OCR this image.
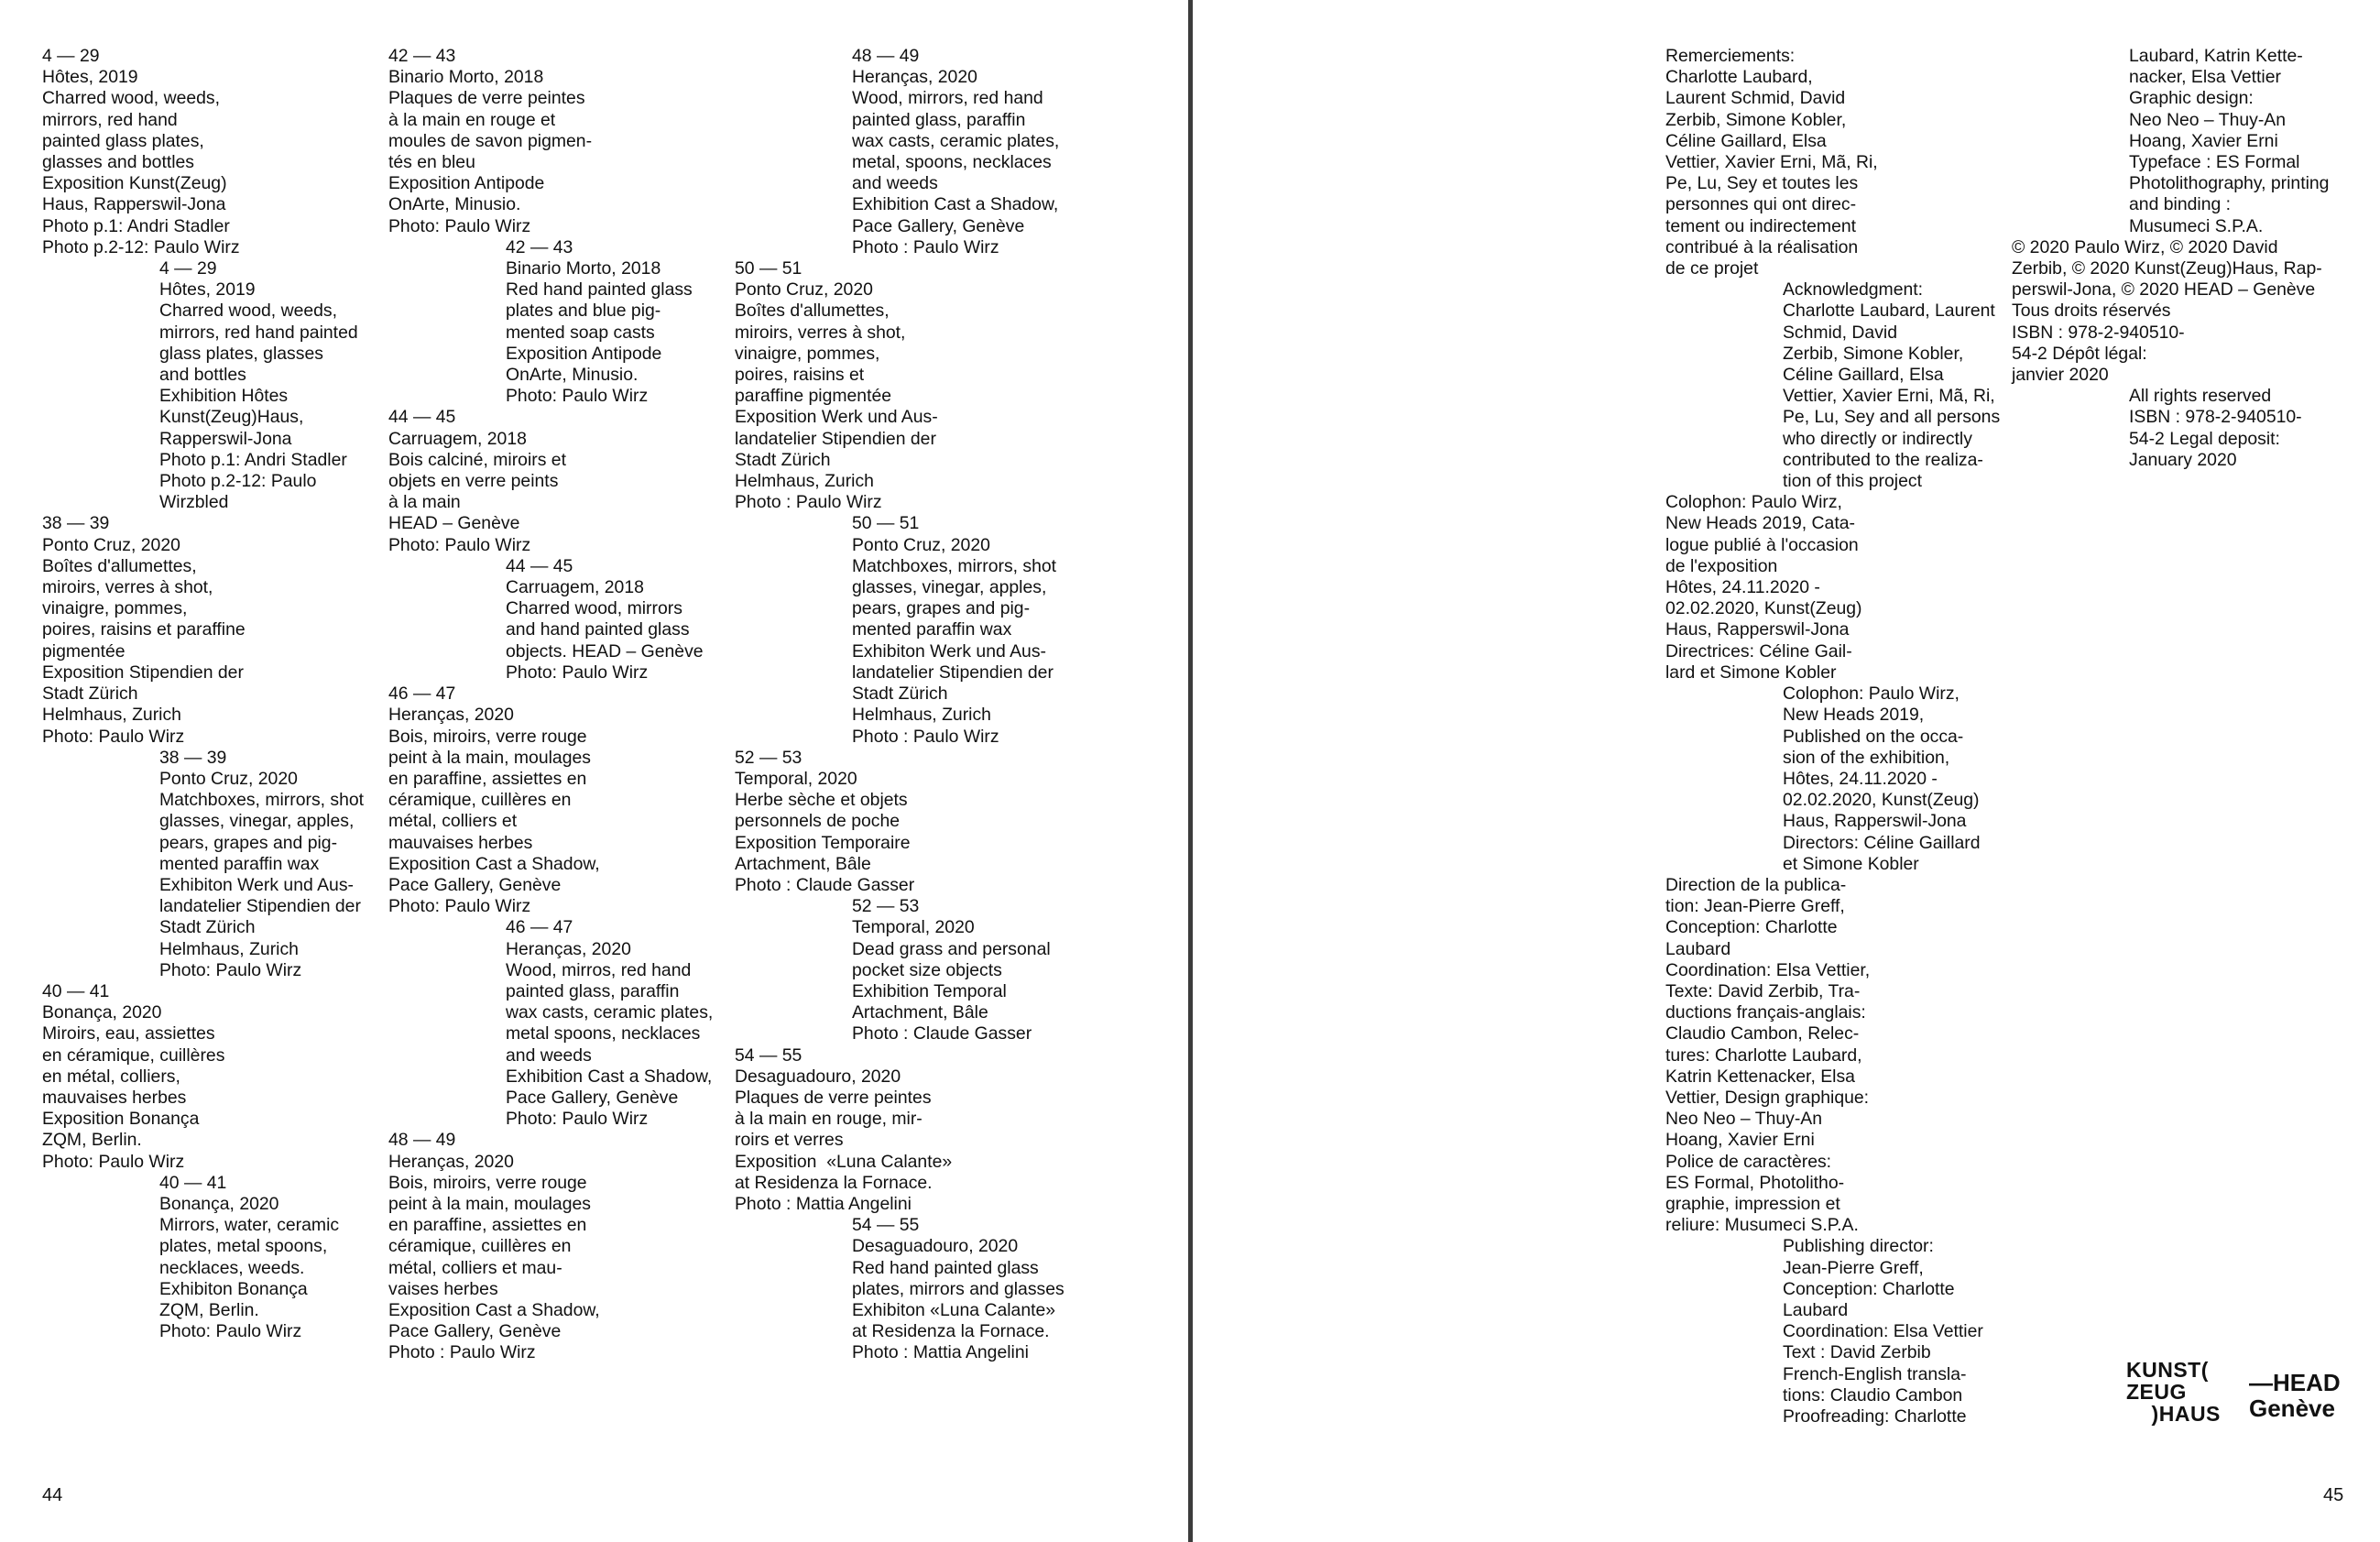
4 — 29
Hôtes, 2019
Charred wood, weeds,
mirrors, red hand
painted glass plates,
glasses and bottles
Exposition Kunst(Zeug)
Haus, Rapperswil-Jona
Photo p.1: Andri Stadler
Photo p.2-12: Paulo Wirz
4 — 29
Hôtes, 2019
Charred wood, weeds,
mirrors, red hand painted
glass plates, glasses
and bottles
Exhibition Hôtes
Kunst(Zeug)Haus,
Rapperswil-Jona
Photo p.1: Andri Stadler
Photo p.2-12: Paulo
Wirzbled
38 — 39
Ponto Cruz, 2020
Boîtes d'allumettes,
miroirs, verres à shot,
vinaigre, pommes,
poires, raisins et paraffine
pigmentée
Exposition Stipendien der
Stadt Zürich
Helmhaus, Zurich
Photo: Paulo Wirz
38 — 39
Ponto Cruz, 2020
Matchboxes, mirrors, shot
glasses, vinegar, apples,
pears, grapes and pig-
mented paraffin wax
Exhibiton Werk und Aus-
landatelier Stipendien der
Stadt Zürich
Helmhaus, Zurich
Photo: Paulo Wirz
40 — 41
Bonança, 2020
Miroirs, eau, assiettes
en céramique, cuillères
en métal, colliers,
mauvaises herbes
Exposition Bonança
ZQM, Berlin.
Photo: Paulo Wirz
40 — 41
Bonança, 2020
Mirrors, water, ceramic
plates, metal spoons,
necklaces, weeds.
Exhibiton Bonança
ZQM, Berlin.
Photo: Paulo Wirz
42 — 43
Binario Morto, 2018
Plaques de verre peintes
à la main en rouge et
moules de savon pigmen-
tés en bleu
Exposition Antipode
OnArte, Minusio.
Photo: Paulo Wirz
42 — 43
Binario Morto, 2018
Red hand painted glass
plates and blue pig-
mented soap casts
Exposition Antipode
OnArte, Minusio.
Photo: Paulo Wirz
44 — 45
Carruagem, 2018
Bois calciné, miroirs et
objets en verre peints
à la main
HEAD – Genève
Photo: Paulo Wirz
44 — 45
Carruagem, 2018
Charred wood, mirrors
and hand painted glass
objects. HEAD – Genève
Photo: Paulo Wirz
46 — 47
Heranças, 2020
Bois, miroirs, verre rouge
peint à la main, moulages
en paraffine, assiettes en
céramique, cuillères en
métal, colliers et
mauvaises herbes
Exposition Cast a Shadow,
Pace Gallery, Genève
Photo: Paulo Wirz
46 — 47
Heranças, 2020
Wood, mirros, red hand
painted glass, paraffin
wax casts, ceramic plates,
metal spoons, necklaces
and weeds
Exhibition Cast a Shadow,
Pace Gallery, Genève
Photo: Paulo Wirz
48 — 49
Heranças, 2020
Bois, miroirs, verre rouge
peint à la main, moulages
en paraffine, assiettes en
céramique, cuillères en
métal, colliers et mau-
vaises herbes
Exposition Cast a Shadow,
Pace Gallery, Genève
Photo : Paulo Wirz
48 — 49
Heranças, 2020
Wood, mirrors, red hand
painted glass, paraffin
wax casts, ceramic plates,
metal, spoons, necklaces
and weeds
Exhibition Cast a Shadow,
Pace Gallery, Genève
Photo : Paulo Wirz
50 — 51
Ponto Cruz, 2020
Boîtes d'allumettes,
miroirs, verres à shot,
vinaigre, pommes,
poires, raisins et
paraffine pigmentée
Exposition Werk und Aus-
landatelier Stipendien der
Stadt Zürich
Helmhaus, Zurich
Photo : Paulo Wirz
50 — 51
Ponto Cruz, 2020
Matchboxes, mirrors, shot
glasses, vinegar, apples,
pears, grapes and pig-
mented paraffin wax
Exhibiton Werk und Aus-
landatelier Stipendien der
Stadt Zürich
Helmhaus, Zurich
Photo : Paulo Wirz
52 — 53
Temporal, 2020
Herbe sèche et objets
personnels de poche
Exposition Temporaire
Artachment, Bâle
Photo : Claude Gasser
52 — 53
Temporal, 2020
Dead grass and personal
pocket size objects
Exhibition Temporal
Artachment, Bâle
Photo : Claude Gasser
54 — 55
Desaguadouro, 2020
Plaques de verre peintes
à la main en rouge, mir-
roirs et verres
Exposition  «Luna Calante»
at Residenza la Fornace.
Photo : Mattia Angelini
54 — 55
Desaguadouro, 2020
Red hand painted glass
plates, mirrors and glasses
Exhibiton «Luna Calante»
at Residenza la Fornace.
Photo : Mattia Angelini
44
Remerciements:
Charlotte Laubard,
Laurent Schmid, David
Zerbib, Simone Kobler,
Céline Gaillard, Elsa
Vettier, Xavier Erni, Mã, Ri,
Pe, Lu, Sey et toutes les
personnes qui ont direc-
tement ou indirectement
contribué à la réalisation
de ce projet
Acknowledgment:
Charlotte Laubard, Laurent
Schmid, David
Zerbib, Simone Kobler,
Céline Gaillard, Elsa
Vettier, Xavier Erni, Mã, Ri,
Pe, Lu, Sey and all persons
who directly or indirectly
contributed to the realiza-
tion of this project
Colophon: Paulo Wirz,
New Heads 2019, Cata-
logue publié à l'occasion
de l'exposition
Hôtes, 24.11.2020 -
02.02.2020, Kunst(Zeug)
Haus, Rapperswil-Jona
Directrices: Céline Gail-
lard et Simone Kobler
Colophon: Paulo Wirz,
New Heads 2019,
Published on the occa-
sion of the exhibition,
Hôtes, 24.11.2020 -
02.02.2020, Kunst(Zeug)
Haus, Rapperswil-Jona
Directors: Céline Gaillard
et Simone Kobler
Direction de la publica-
tion: Jean-Pierre Greff,
Conception: Charlotte
Laubard
Coordination: Elsa Vettier,
Texte: David Zerbib, Tra-
ductions français-anglais:
Claudio Cambon, Relec-
tures: Charlotte Laubard,
Katrin Kettenacker, Elsa
Vettier, Design graphique:
Neo Neo – Thuy-An
Hoang, Xavier Erni
Police de caractères:
ES Formal, Photolitho-
graphie, impression et
reliure: Musumeci S.P.A.
Publishing director:
Jean-Pierre Greff,
Conception: Charlotte
Laubard
Coordination: Elsa Vettier
Text : David Zerbib
French-English transla-
tions: Claudio Cambon
Proofreading: Charlotte
Laubard, Katrin Kette-
nacker, Elsa Vettier
Graphic design:
Neo Neo – Thuy-An
Hoang, Xavier Erni
Typeface : ES Formal
Photolithography, printing
and binding :
Musumeci S.P.A.
© 2020 Paulo Wirz, © 2020 David
Zerbib, © 2020 Kunst(Zeug)Haus, Rap-
perswil-Jona, © 2020 HEAD – Genève
Tous droits réservés
ISBN : 978-2-940510-
54-2 Dépôt légal:
janvier 2020
All rights reserved
ISBN : 978-2-940510-
54-2 Legal deposit:
January 2020
45
KUNST(
ZEUG
)HAUS
—HEAD
Genève
